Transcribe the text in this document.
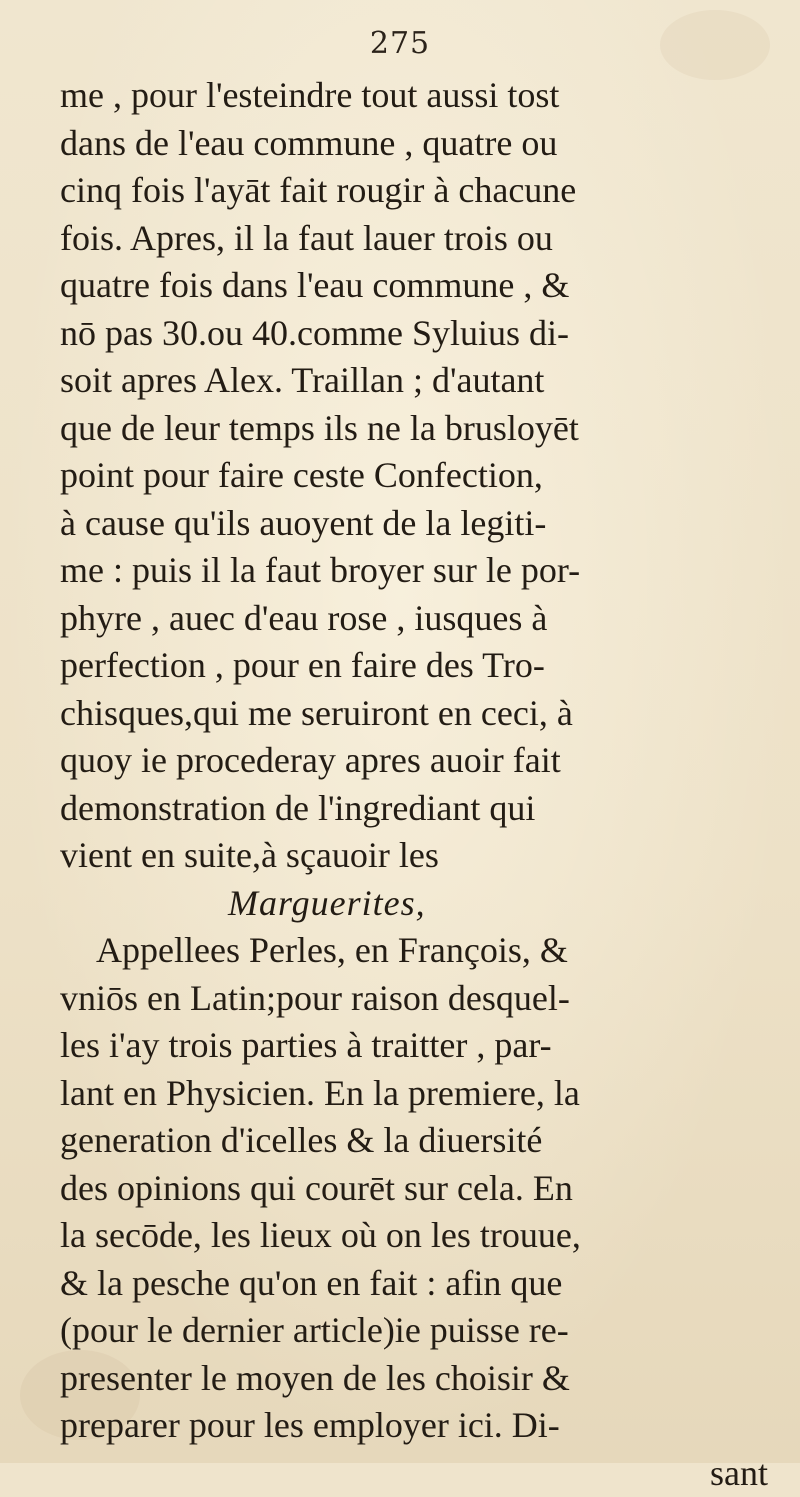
275
me , pour l'esteindre tout aussi tost
dans de l'eau commune , quatre ou
cinq fois l'ayāt fait rougir à chacune
fois. Apres, il la faut lauer trois ou
quatre fois dans l'eau commune , &
nō pas 30.ou 40.comme Syluius di-
soit apres Alex. Traillan ; d'autant
que de leur temps ils ne la brusloyēt
point pour faire ceste Confection,
à cause qu'ils auoyent de la legiti-
me : puis il la faut broyer sur le por-
phyre , auec d'eau rose , iusques à
perfection , pour en faire des Tro-
chisques,qui me seruiront en ceci, à
quoy ie procederay apres auoir fait
demonstration de l'ingrediant qui
vient en suite,à sçauoir les
Marguerites,
Appellees Perles, en François, &
vniōs en Latin;pour raison desquel-
les i'ay trois parties à traitter , par-
lant en Physicien. En la premiere, la
generation d'icelles & la diuersité
des opinions qui courēt sur cela. En
la secōde, les lieux où on les trouue,
& la pesche qu'on en fait : afin que
(pour le dernier article)ie puisse re-
presenter le moyen de les choisir &
preparer pour les employer ici. Di-
sant
